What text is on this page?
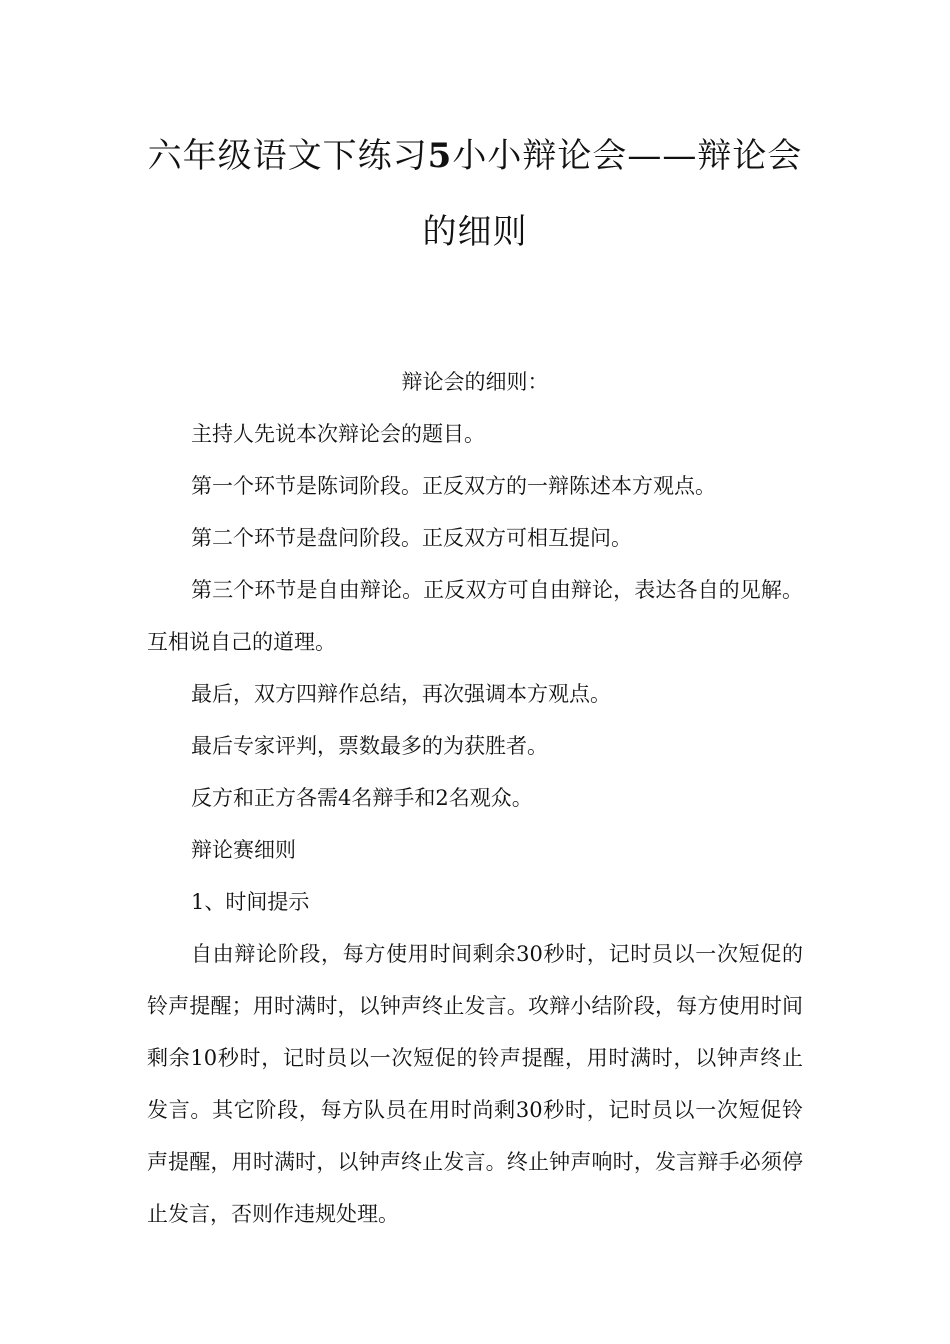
六年级语文下练习5小小辩论会——辩论会的细则

辩论会的细则：

主持人先说本次辩论会的题目。

第一个环节是陈词阶段。正反双方的一辩陈述本方观点。

第二个环节是盘问阶段。正反双方可相互提问。

第三个环节是自由辩论。正反双方可自由辩论，表达各自的见解。互相说自己的道理。

最后，双方四辩作总结，再次强调本方观点。

最后专家评判，票数最多的为获胜者。

反方和正方各需4名辩手和2名观众。

辩论赛细则

1、时间提示

自由辩论阶段，每方使用时间剩余30秒时，记时员以一次短促的铃声提醒；用时满时，以钟声终止发言。攻辩小结阶段，每方使用时间剩余10秒时，记时员以一次短促的铃声提醒，用时满时，以钟声终止发言。其它阶段，每方队员在用时尚剩30秒时，记时员以一次短促铃声提醒，用时满时，以钟声终止发言。终止钟声响时，发言辩手必须停止发言，否则作违规处理。
